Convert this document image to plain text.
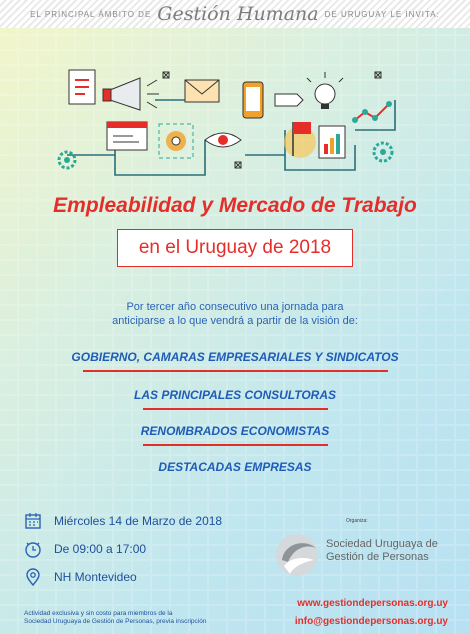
EL PRINCIPAL ÁMBITO DE Gestión Humana DE URUGUAY LE INVITA:
Empleabilidad y Mercado de Trabajo
en el Uruguay de 2018
Por tercer año consecutivo una jornada para
anticiparse a lo que vendrá a partir de la visión de:
GOBIERNO, CAMARAS EMPRESARIALES Y SINDICATOS
LAS PRINCIPALES CONSULTORAS
RENOMBRADOS ECONOMISTAS
DESTACADAS EMPRESAS
Miércoles 14 de Marzo de 2018
De 09:00 a 17:00
NH Montevideo
Organiza:
Sociedad Uruguaya de
Gestión de Personas
Actividad exclusiva y sin costo para miembros de la
Sociedad Uruguaya de Gestión de Personas, previa inscripción
www.gestiondepersonas.org.uy
info@gestiondepersonas.org.uy
